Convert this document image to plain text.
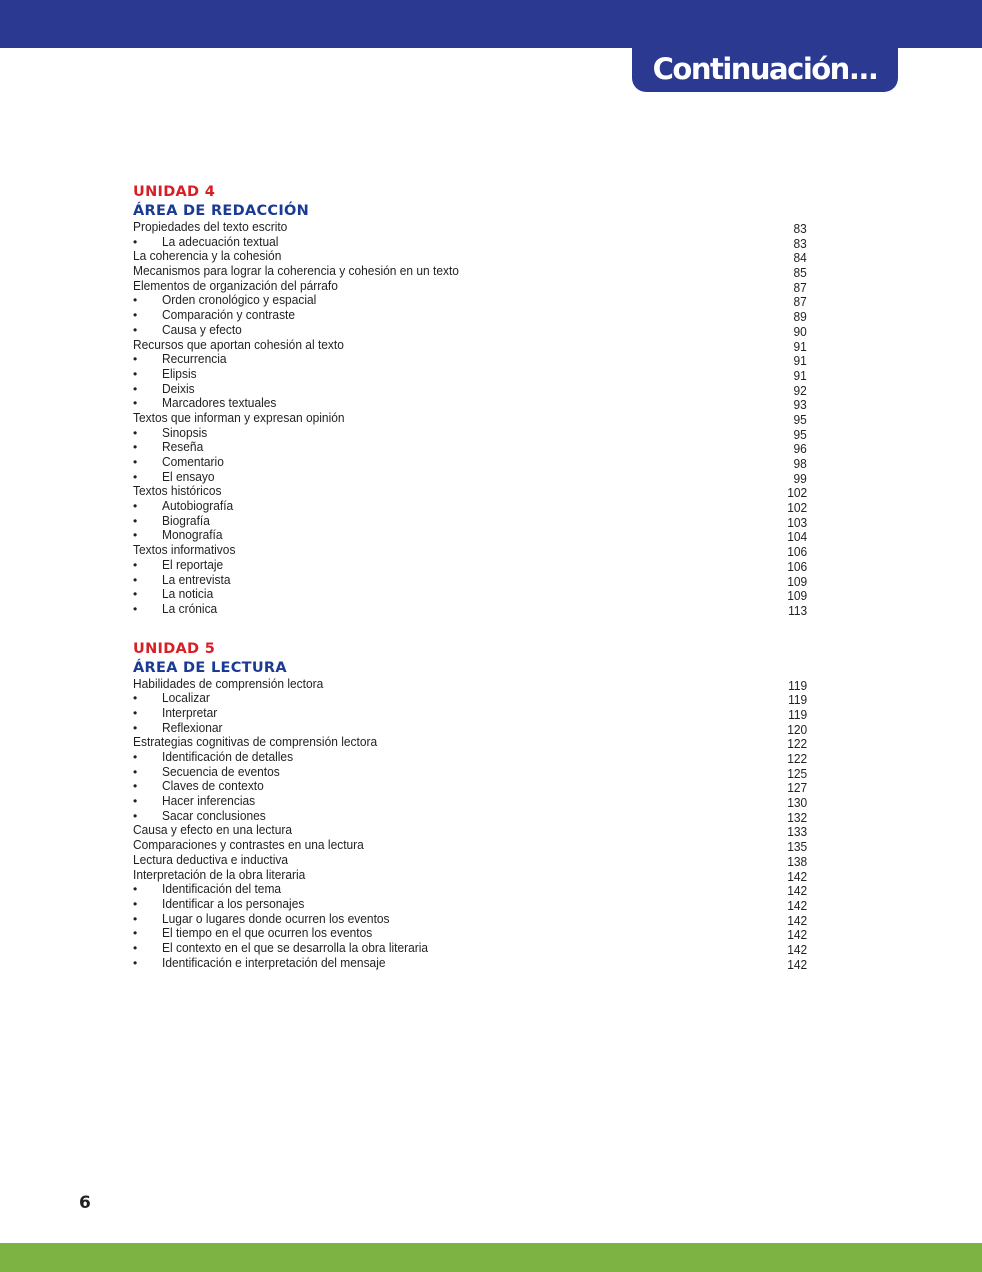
Continuación...
UNIDAD 4
ÁREA DE REDACCIÓN
Propiedades del texto escrito	83
• La adecuación textual	83
La coherencia y la cohesión	84
Mecanismos para lograr la coherencia y cohesión en un texto	85
Elementos de organización del párrafo	87
• Orden cronológico y espacial	87
• Comparación y contraste	89
• Causa y efecto	90
Recursos que aportan cohesión al texto	91
• Recurrencia	91
• Elipsis	91
• Deixis	92
• Marcadores textuales	93
Textos que informan y expresan opinión	95
• Sinopsis	95
• Reseña	96
• Comentario	98
• El ensayo	99
Textos históricos	102
• Autobiografía	102
• Biografía	103
• Monografía	104
Textos informativos	106
• El reportaje	106
• La entrevista	109
• La noticia	109
• La crónica	113
UNIDAD 5
ÁREA DE LECTURA
Habilidades de comprensión lectora	119
• Localizar	119
• Interpretar	119
• Reflexionar	120
Estrategias cognitivas de comprensión lectora	122
• Identificación de detalles	122
• Secuencia de eventos	125
• Claves de contexto	127
• Hacer inferencias	130
• Sacar conclusiones	132
Causa y efecto en una lectura	133
Comparaciones y contrastes en una lectura	135
Lectura deductiva e inductiva	138
Interpretación de la obra literaria	142
• Identificación del tema	142
• Identificar a los personajes	142
• Lugar o lugares donde ocurren los eventos	142
• El tiempo en el que ocurren los eventos	142
• El contexto en el que se desarrolla la obra literaria	142
• Identificación e interpretación del mensaje	142
6
